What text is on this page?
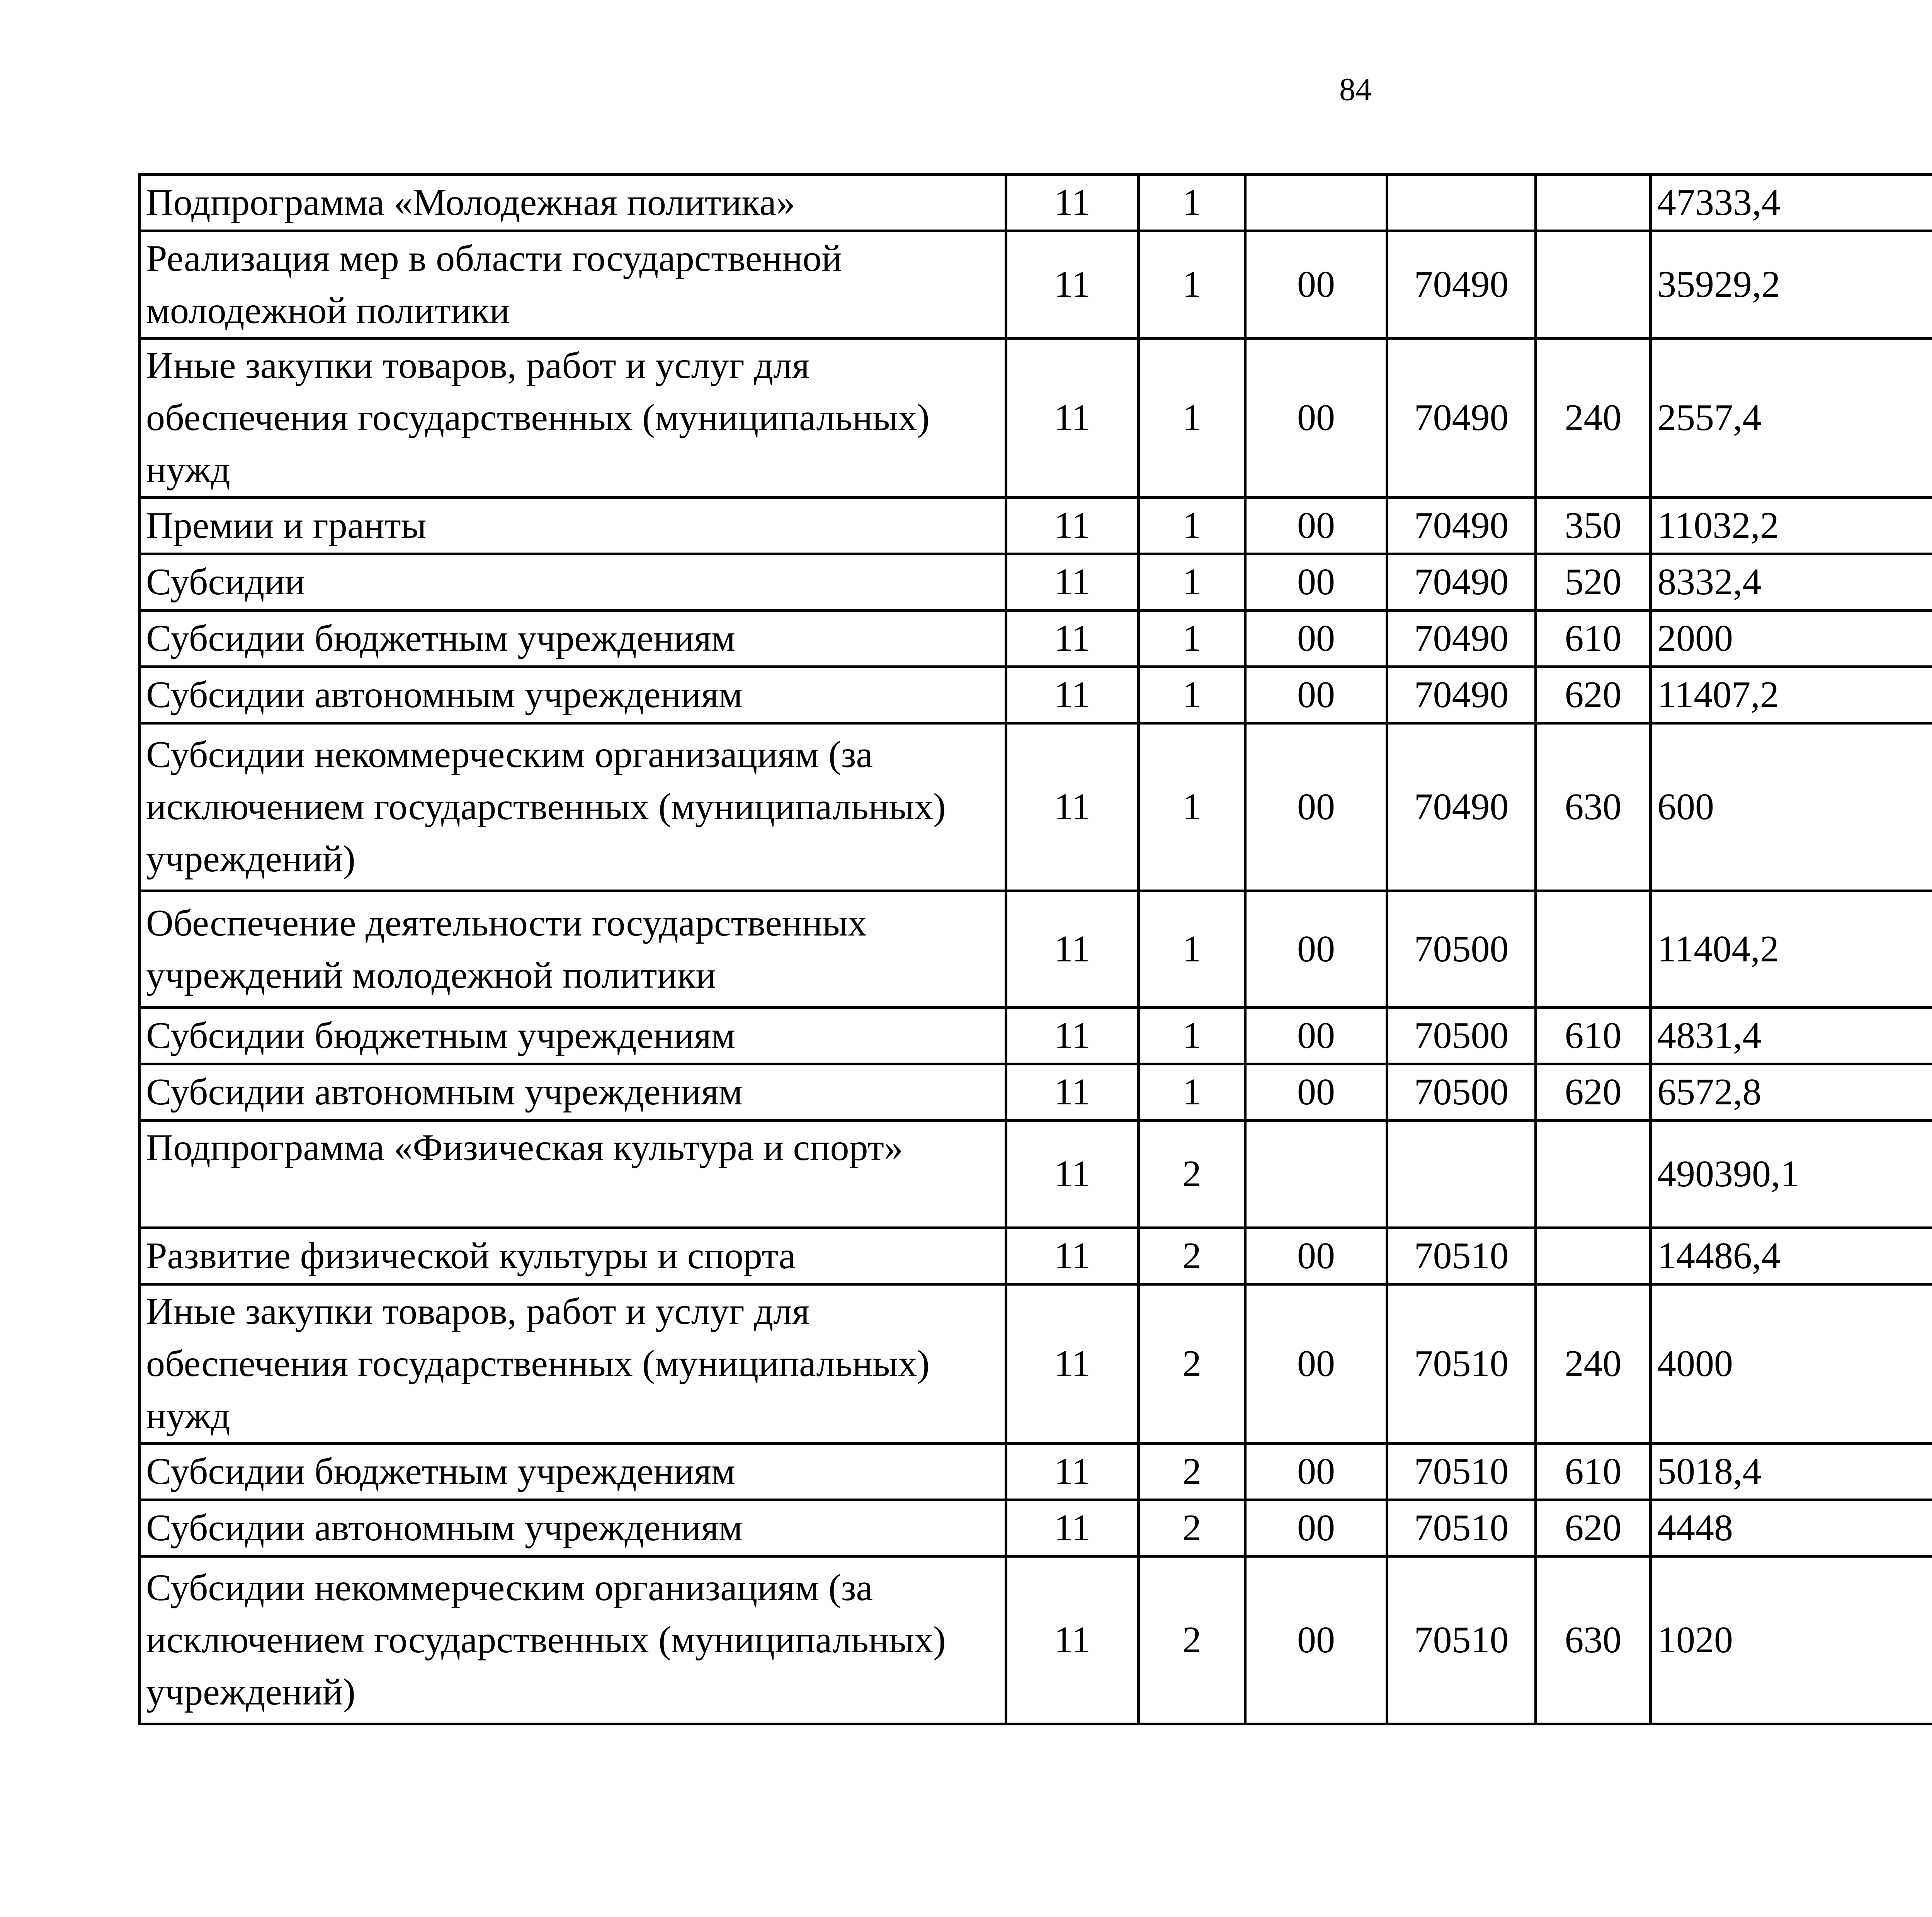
84
Подпрограмма «Молодежная политика»	11	1				47333,4		
Реализация мер в области государственной молодежной политики	11	1	00	70490		35929,2		
Иные закупки товаров, работ и услуг для обеспечения государственных (муниципальных) нужд	11	1	00	70490	240	2557,4		
Премии и гранты	11	1	00	70490	350	11032,2		
Субсидии	11	1	00	70490	520	8332,4		
Субсидии бюджетным учреждениям	11	1	00	70490	610	2000		
Субсидии автономным учреждениям	11	1	00	70490	620	11407,2		
Субсидии некоммерческим организациям (за исключением государственных (муниципальных) учреждений)	11	1	00	70490	630	600		
Обеспечение деятельности государственных учреждений молодежной политики	11	1	00	70500		11404,2		
Субсидии бюджетным учреждениям	11	1	00	70500	610	4831,4		
Субсидии автономным учреждениям	11	1	00	70500	620	6572,8		
Подпрограмма «Физическая культура и спорт»	11	2				490390,1		
Развитие физической культуры и спорта	11	2	00	70510		14486,4		
Иные закупки товаров, работ и услуг для обеспечения государственных (муниципальных) нужд	11	2	00	70510	240	4000		
Субсидии бюджетным учреждениям	11	2	00	70510	610	5018,4		
Субсидии автономным учреждениям	11	2	00	70510	620	4448		
Субсидии некоммерческим организациям (за исключением государственных (муниципальных) учреждений)	11	2	00	70510	630	1020		
